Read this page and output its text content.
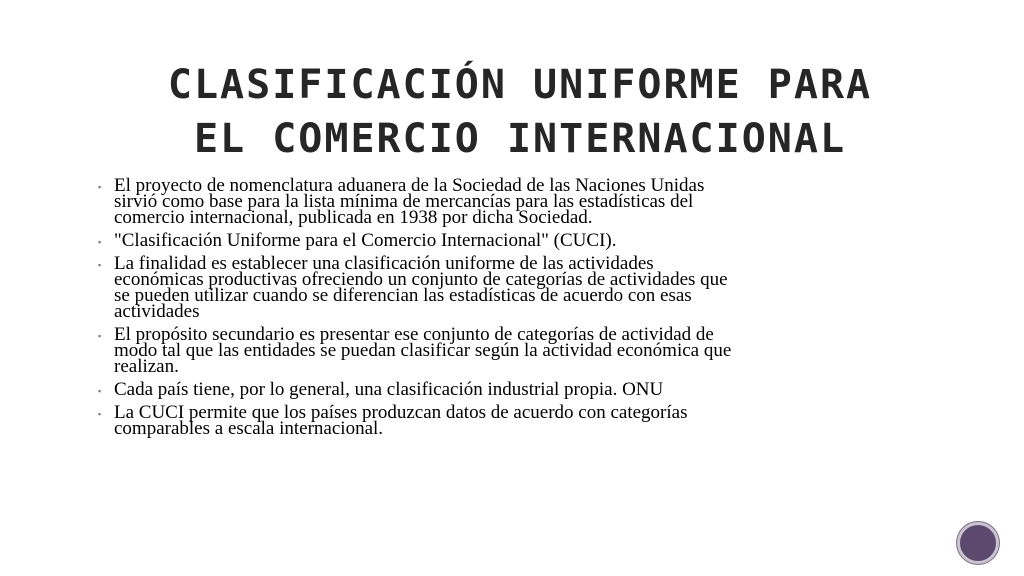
CLASIFICACIÓN UNIFORME PARA
EL COMERCIO INTERNACIONAL
▪ El proyecto de nomenclatura aduanera de la Sociedad de las Naciones Unidas
sirvió como base para la lista mínima de mercancías para las estadísticas del
comercio internacional, publicada en 1938 por dicha Sociedad.
▪ "Clasificación Uniforme para el Comercio Internacional" (CUCI).
▪ La finalidad es establecer una clasificación uniforme de las actividades
económicas productivas ofreciendo un conjunto de categorías de actividades que
se pueden utilizar cuando se diferencian las estadísticas de acuerdo con esas
actividades
▪ El propósito secundario es presentar ese conjunto de categorías de actividad de
modo tal que las entidades se puedan clasificar según la actividad económica que
realizan.
▪ Cada país tiene, por lo general, una clasificación industrial propia. ONU
▪ La CUCI permite que los países produzcan datos de acuerdo con categorías
comparables a escala internacional.
